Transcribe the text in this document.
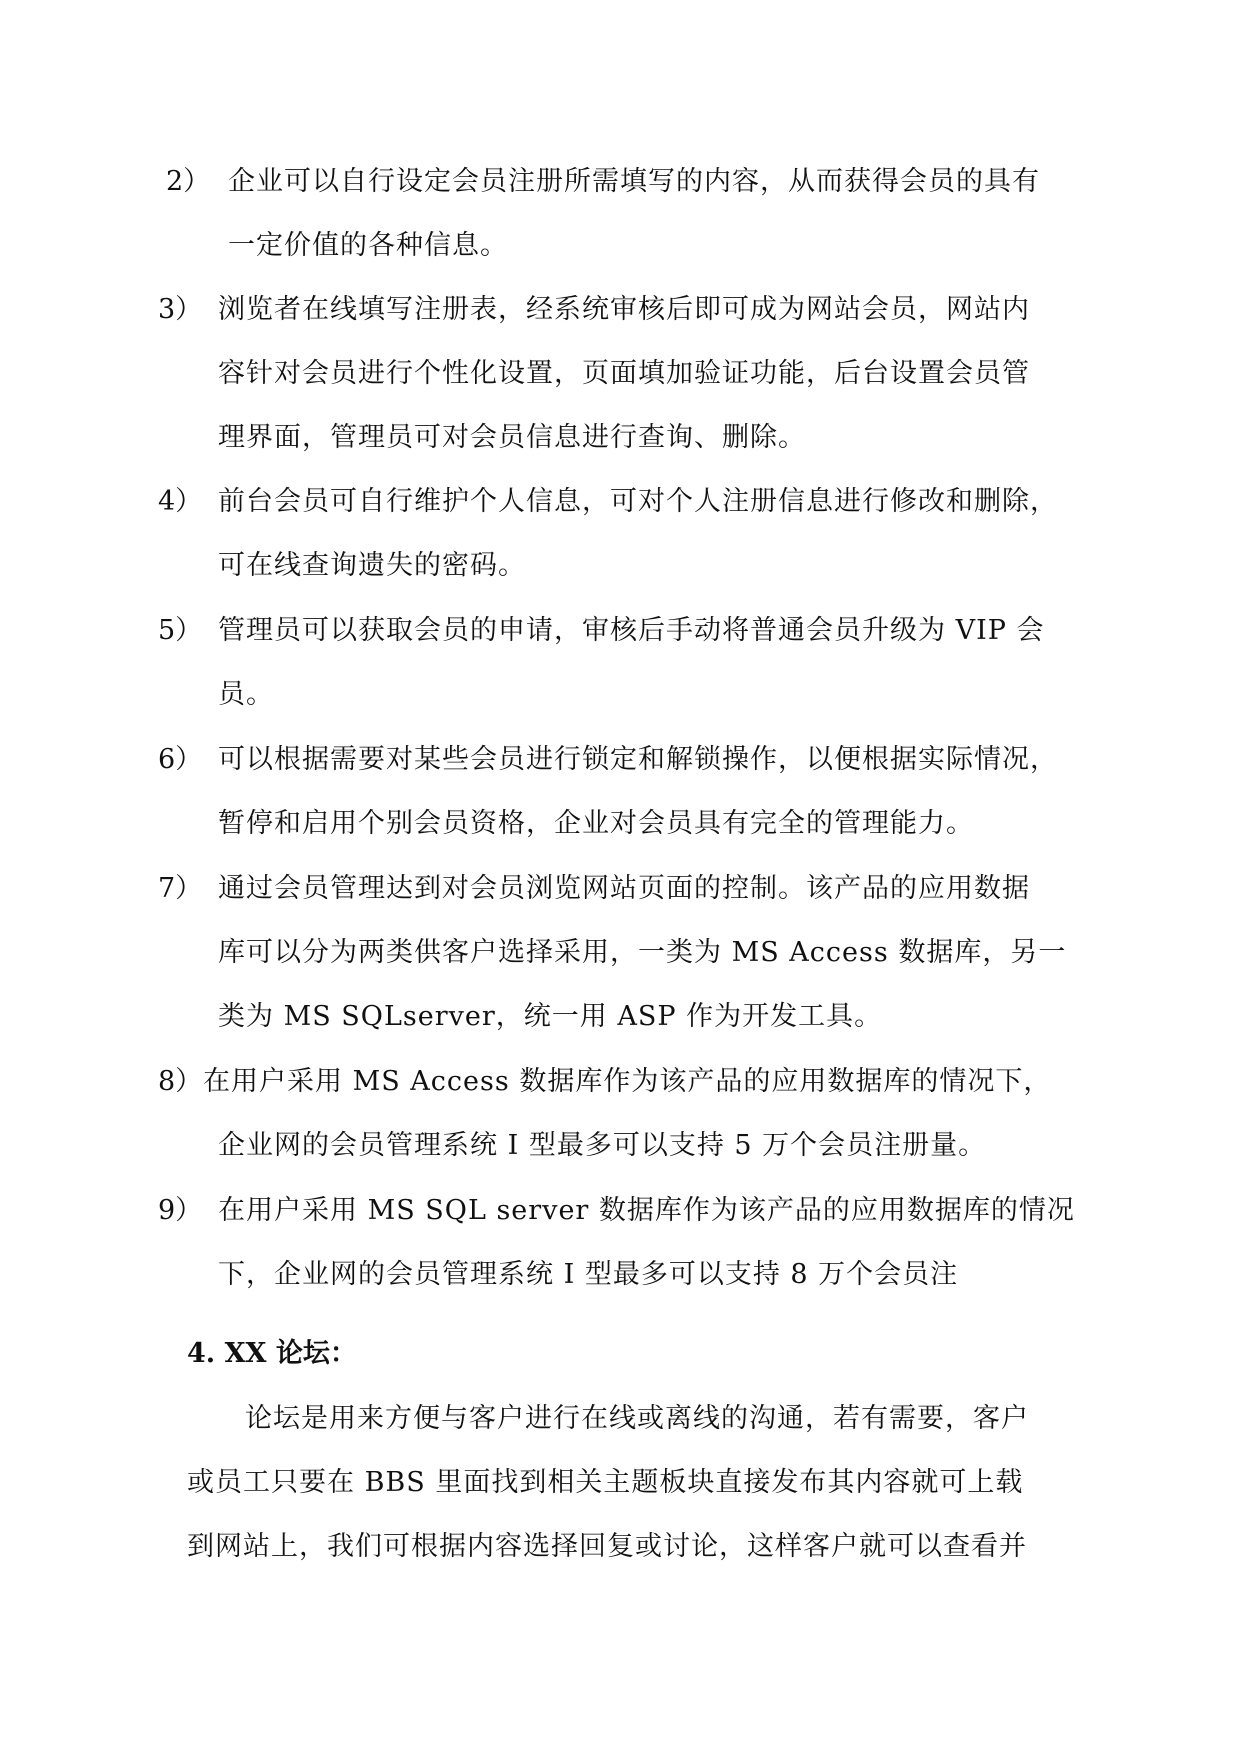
2） 企业可以自行设定会员注册所需填写的内容，从而获得会员的具有
一定价值的各种信息。
3） 浏览者在线填写注册表，经系统审核后即可成为网站会员，网站内
容针对会员进行个性化设置，页面填加验证功能，后台设置会员管
理界面，管理员可对会员信息进行查询、删除。
4） 前台会员可自行维护个人信息，可对个人注册信息进行修改和删除，
可在线查询遗失的密码。
5） 管理员可以获取会员的申请，审核后手动将普通会员升级为 VIP 会
员。
6） 可以根据需要对某些会员进行锁定和解锁操作，以便根据实际情况，
暂停和启用个别会员资格，企业对会员具有完全的管理能力。
7） 通过会员管理达到对会员浏览网站页面的控制。该产品的应用数据
库可以分为两类供客户选择采用，一类为 MS Access 数据库，另一
类为 MS SQLserver，统一用 ASP 作为开发工具。
8） 在用户采用 MS Access 数据库作为该产品的应用数据库的情况下，
企业网的会员管理系统 I 型最多可以支持 5 万个会员注册量。
9） 在用户采用 MS SQL server 数据库作为该产品的应用数据库的情况
下，企业网的会员管理系统 I 型最多可以支持 8 万个会员注
4. XX 论坛：
论坛是用来方便与客户进行在线或离线的沟通，若有需要，客户
或员工只要在 BBS 里面找到相关主题板块直接发布其内容就可上载
到网站上，我们可根据内容选择回复或讨论，这样客户就可以查看并
